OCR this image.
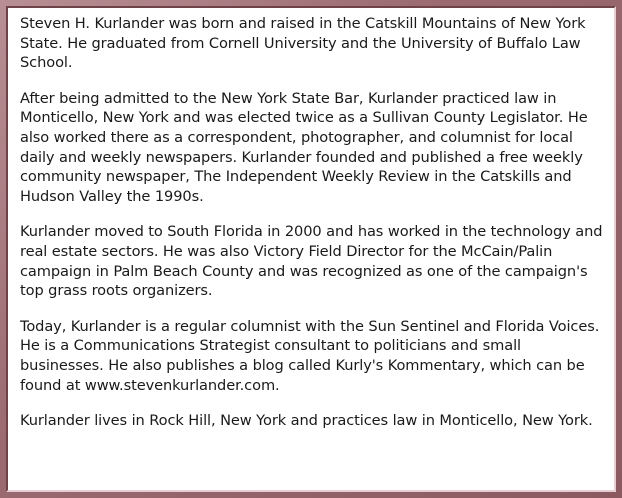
Steven H. Kurlander was born and raised in the Catskill Mountains of New York State. He graduated from Cornell University and the University of Buffalo Law School.

After being admitted to the New York State Bar, Kurlander practiced law in Monticello, New York and was elected twice as a Sullivan County Legislator. He also worked there as a correspondent, photographer, and columnist for local daily and weekly newspapers. Kurlander founded and published a free weekly community newspaper, The Independent Weekly Review in the Catskills and Hudson Valley the 1990s.

Kurlander moved to South Florida in 2000 and has worked in the technology and real estate sectors. He was also Victory Field Director for the McCain/Palin campaign in Palm Beach County and was recognized as one of the campaign's top grass roots organizers.

Today, Kurlander is a regular columnist with the Sun Sentinel and Florida Voices. He is a Communications Strategist consultant to politicians and small businesses. He also publishes a blog called Kurly's Kommentary, which can be found at www.stevenkurlander.com.

Kurlander lives in Rock Hill, New York and practices law in Monticello, New York.
